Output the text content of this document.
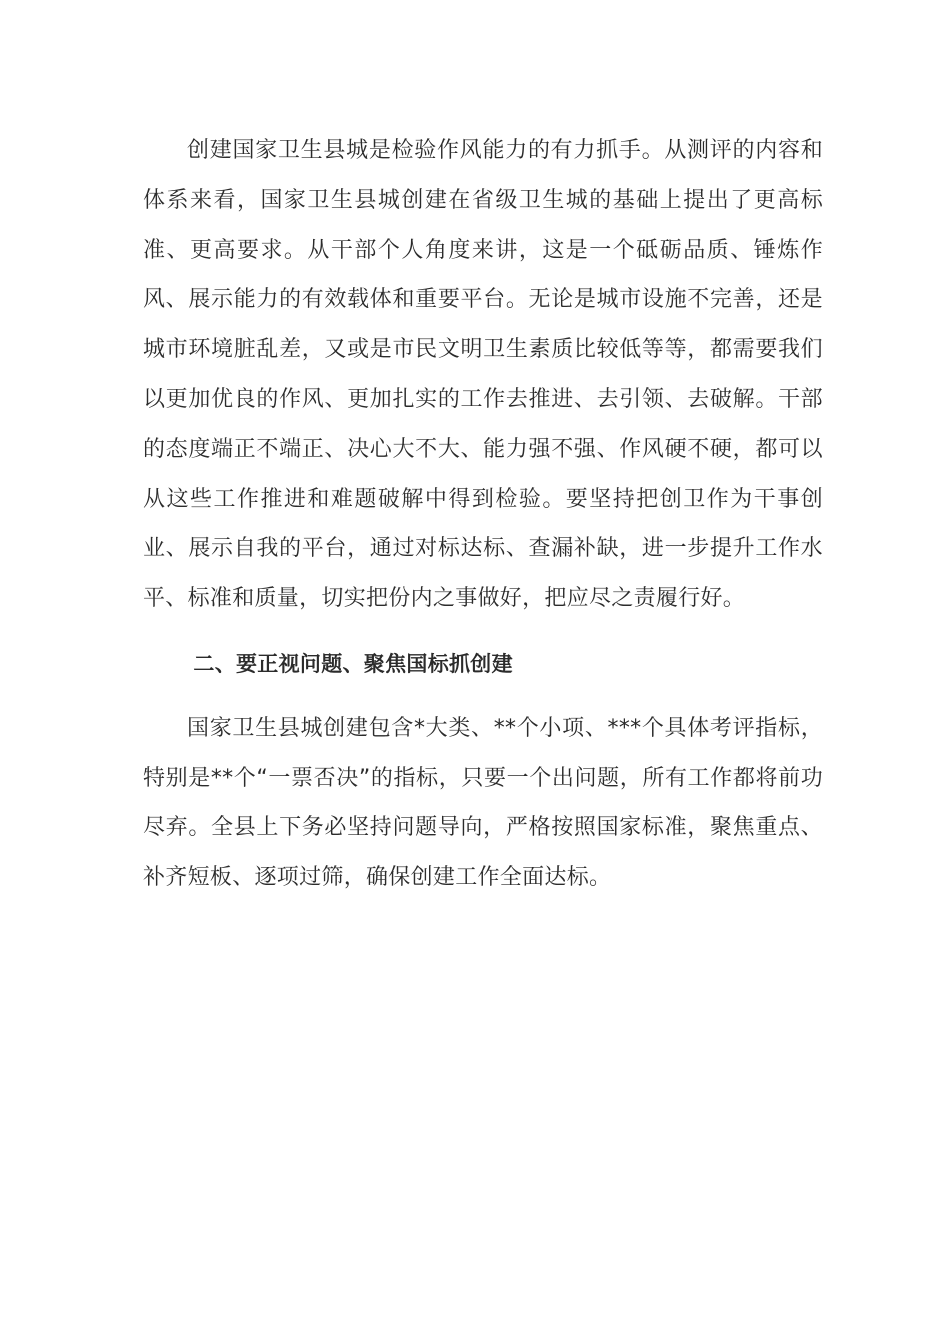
创建国家卫生县城是检验作风能力的有力抓手。从测评的内容和体系来看，国家卫生县城创建在省级卫生城的基础上提出了更高标准、更高要求。从干部个人角度来讲，这是一个砥砺品质、锤炼作风、展示能力的有效载体和重要平台。无论是城市设施不完善，还是城市环境脏乱差，又或是市民文明卫生素质比较低等等，都需要我们以更加优良的作风、更加扎实的工作去推进、去引领、去破解。干部的态度端正不端正、决心大不大、能力强不强、作风硬不硬，都可以从这些工作推进和难题破解中得到检验。要坚持把创卫作为干事创业、展示自我的平台，通过对标达标、查漏补缺，进一步提升工作水平、标准和质量，切实把份内之事做好，把应尽之责履行好。

二、要正视问题、聚焦国标抓创建

国家卫生县城创建包含*大类、**个小项、***个具体考评指标，特别是**个“一票否决”的指标，只要一个出问题，所有工作都将前功尽弃。全县上下务必坚持问题导向，严格按照国家标准，聚焦重点、补齐短板、逐项过筛，确保创建工作全面达标。
